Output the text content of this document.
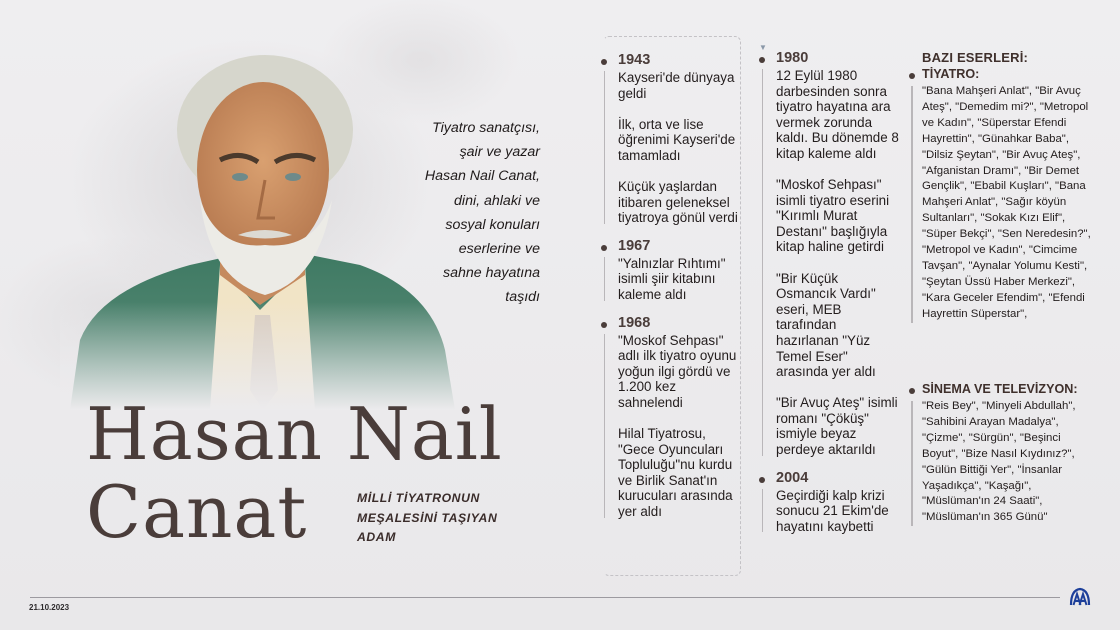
Tiyatro sanatçısı,
şair ve yazar
Hasan Nail Canat,
dini, ahlaki ve
sosyal konuları
eserlerine ve
sahne hayatına
taşıdı
Hasan Nail
Canat	MİLLİ TİYATRONUN
MEŞALESİNİ TAŞIYAN
ADAM
▼
1943

Kayseri'de dünyaya geldi

İlk, orta ve lise öğrenimi Kayseri'de tamamladı

Küçük yaşlardan itibaren geleneksel tiyatroya gönül verdi

1967

"Yalnızlar Rıhtımı" isimli şiir kitabını kaleme aldı

1968

"Moskof Sehpası" adlı ilk tiyatro oyunu yoğun ilgi gördü ve 1.200 kez sahnelendi

Hilal Tiyatrosu, "Gece Oyuncuları Topluluğu"nu kurdu ve Birlik Sanat'ın kurucuları arasında yer aldı

1980

12 Eylül 1980 darbesinden sonra tiyatro hayatına ara vermek zorunda kaldı. Bu dönemde 8 kitap kaleme aldı

"Moskof Sehpası" isimli tiyatro eserini "Kırımlı Murat Destanı" başlığıyla kitap haline getirdi

"Bir Küçük Osmancık Vardı" eseri, MEB tarafından hazırlanan "Yüz Temel Eser" arasında yer aldı

"Bir Avuç Ateş" isimli romanı "Çöküş" ismiyle beyaz perdeye aktarıldı

2004

Geçirdiği kalp krizi sonucu 21 Ekim'de hayatını kaybetti

BAZI ESERLERİ:
TİYATRO:
"Bana Mahşeri Anlat", "Bir Avuç Ateş", "Demedim mi?", "Metropol ve Kadın", "Süperstar Efendi Hayrettin", "Günahkar Baba", "Dilsiz Şeytan", "Bir Avuç Ateş", "Afganistan Dramı", "Bir Demet Gençlik", "Ebabil Kuşları", "Bana Mahşeri Anlat", "Sağır köyün Sultanları", "Sokak Kızı Elif", "Süper Bekçi", "Sen Neredesin?", "Metropol ve Kadın", "Cimcime Tavşan", "Aynalar Yolumu Kesti", "Şeytan Üssü Haber Merkezi", "Kara Geceler Efendim", "Efendi Hayrettin Süperstar",
SİNEMA VE TELEVİZYON:
"Reis Bey", "Minyeli Abdullah", "Sahibini Arayan Madalya", "Çizme", "Sürgün", "Beşinci Boyut", "Bize Nasıl Kıydınız?", "Gülün Bittiği Yer", "İnsanlar Yaşadıkça", "Kaşağı", "Müslüman'ın 24 Saati", "Müslüman'ın 365 Günü"
21.10.2023
